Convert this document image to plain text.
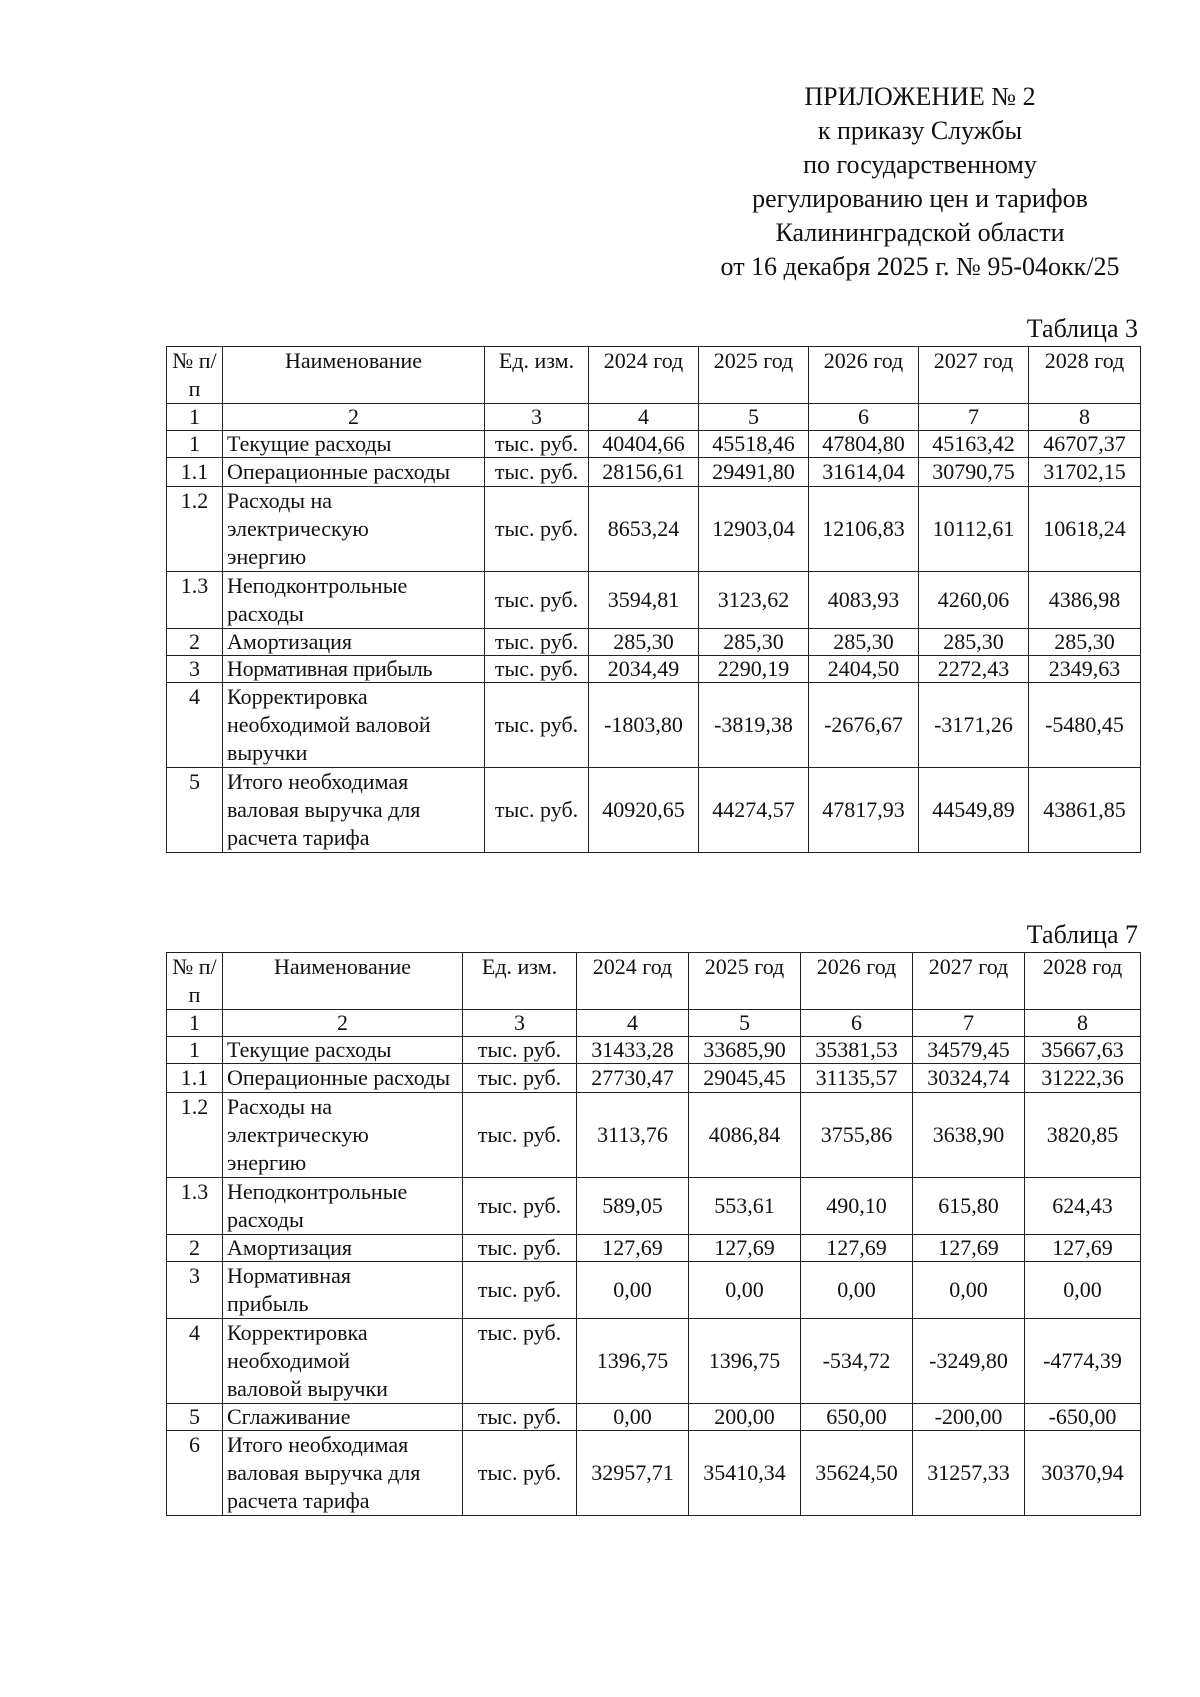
ПРИЛОЖЕНИЕ № 2
к приказу Службы
по государственному
регулированию цен и тарифов
Калининградской области
от 16 декабря 2025 г. № 95-04окк/25
Таблица 3
№ п/п	Наименование	Ед. изм.	2024 год	2025 год	2026 год	2027 год	2028 год
1	2	3	4	5	6	7	8
1	Текущие расходы	тыс. руб.	40404,66	45518,46	47804,80	45163,42	46707,37
1.1	Операционные расходы	тыс. руб.	28156,61	29491,80	31614,04	30790,75	31702,15
1.2	Расходы на электрическую энергию	тыс. руб.	8653,24	12903,04	12106,83	10112,61	10618,24
1.3	Неподконтрольные расходы	тыс. руб.	3594,81	3123,62	4083,93	4260,06	4386,98
2	Амортизация	тыс. руб.	285,30	285,30	285,30	285,30	285,30
3	Нормативная прибыль	тыс. руб.	2034,49	2290,19	2404,50	2272,43	2349,63
4	Корректировка необходимой валовой выручки	тыс. руб.	-1803,80	-3819,38	-2676,67	-3171,26	-5480,45
5	Итого необходимая валовая выручка для расчета тарифа	тыс. руб.	40920,65	44274,57	47817,93	44549,89	43861,85
Таблица 7
№ п/п	Наименование	Ед. изм.	2024 год	2025 год	2026 год	2027 год	2028 год
1	2	3	4	5	6	7	8
1	Текущие расходы	тыс. руб.	31433,28	33685,90	35381,53	34579,45	35667,63
1.1	Операционные расходы	тыс. руб.	27730,47	29045,45	31135,57	30324,74	31222,36
1.2	Расходы на электрическую энергию	тыс. руб.	3113,76	4086,84	3755,86	3638,90	3820,85
1.3	Неподконтрольные расходы	тыс. руб.	589,05	553,61	490,10	615,80	624,43
2	Амортизация	тыс. руб.	127,69	127,69	127,69	127,69	127,69
3	Нормативная прибыль	тыс. руб.	0,00	0,00	0,00	0,00	0,00
4	Корректировка необходимой валовой выручки	тыс. руб.	1396,75	1396,75	-534,72	-3249,80	-4774,39
5	Сглаживание	тыс. руб.	0,00	200,00	650,00	-200,00	-650,00
6	Итого необходимая валовая выручка для расчета тарифа	тыс. руб.	32957,71	35410,34	35624,50	31257,33	30370,94
